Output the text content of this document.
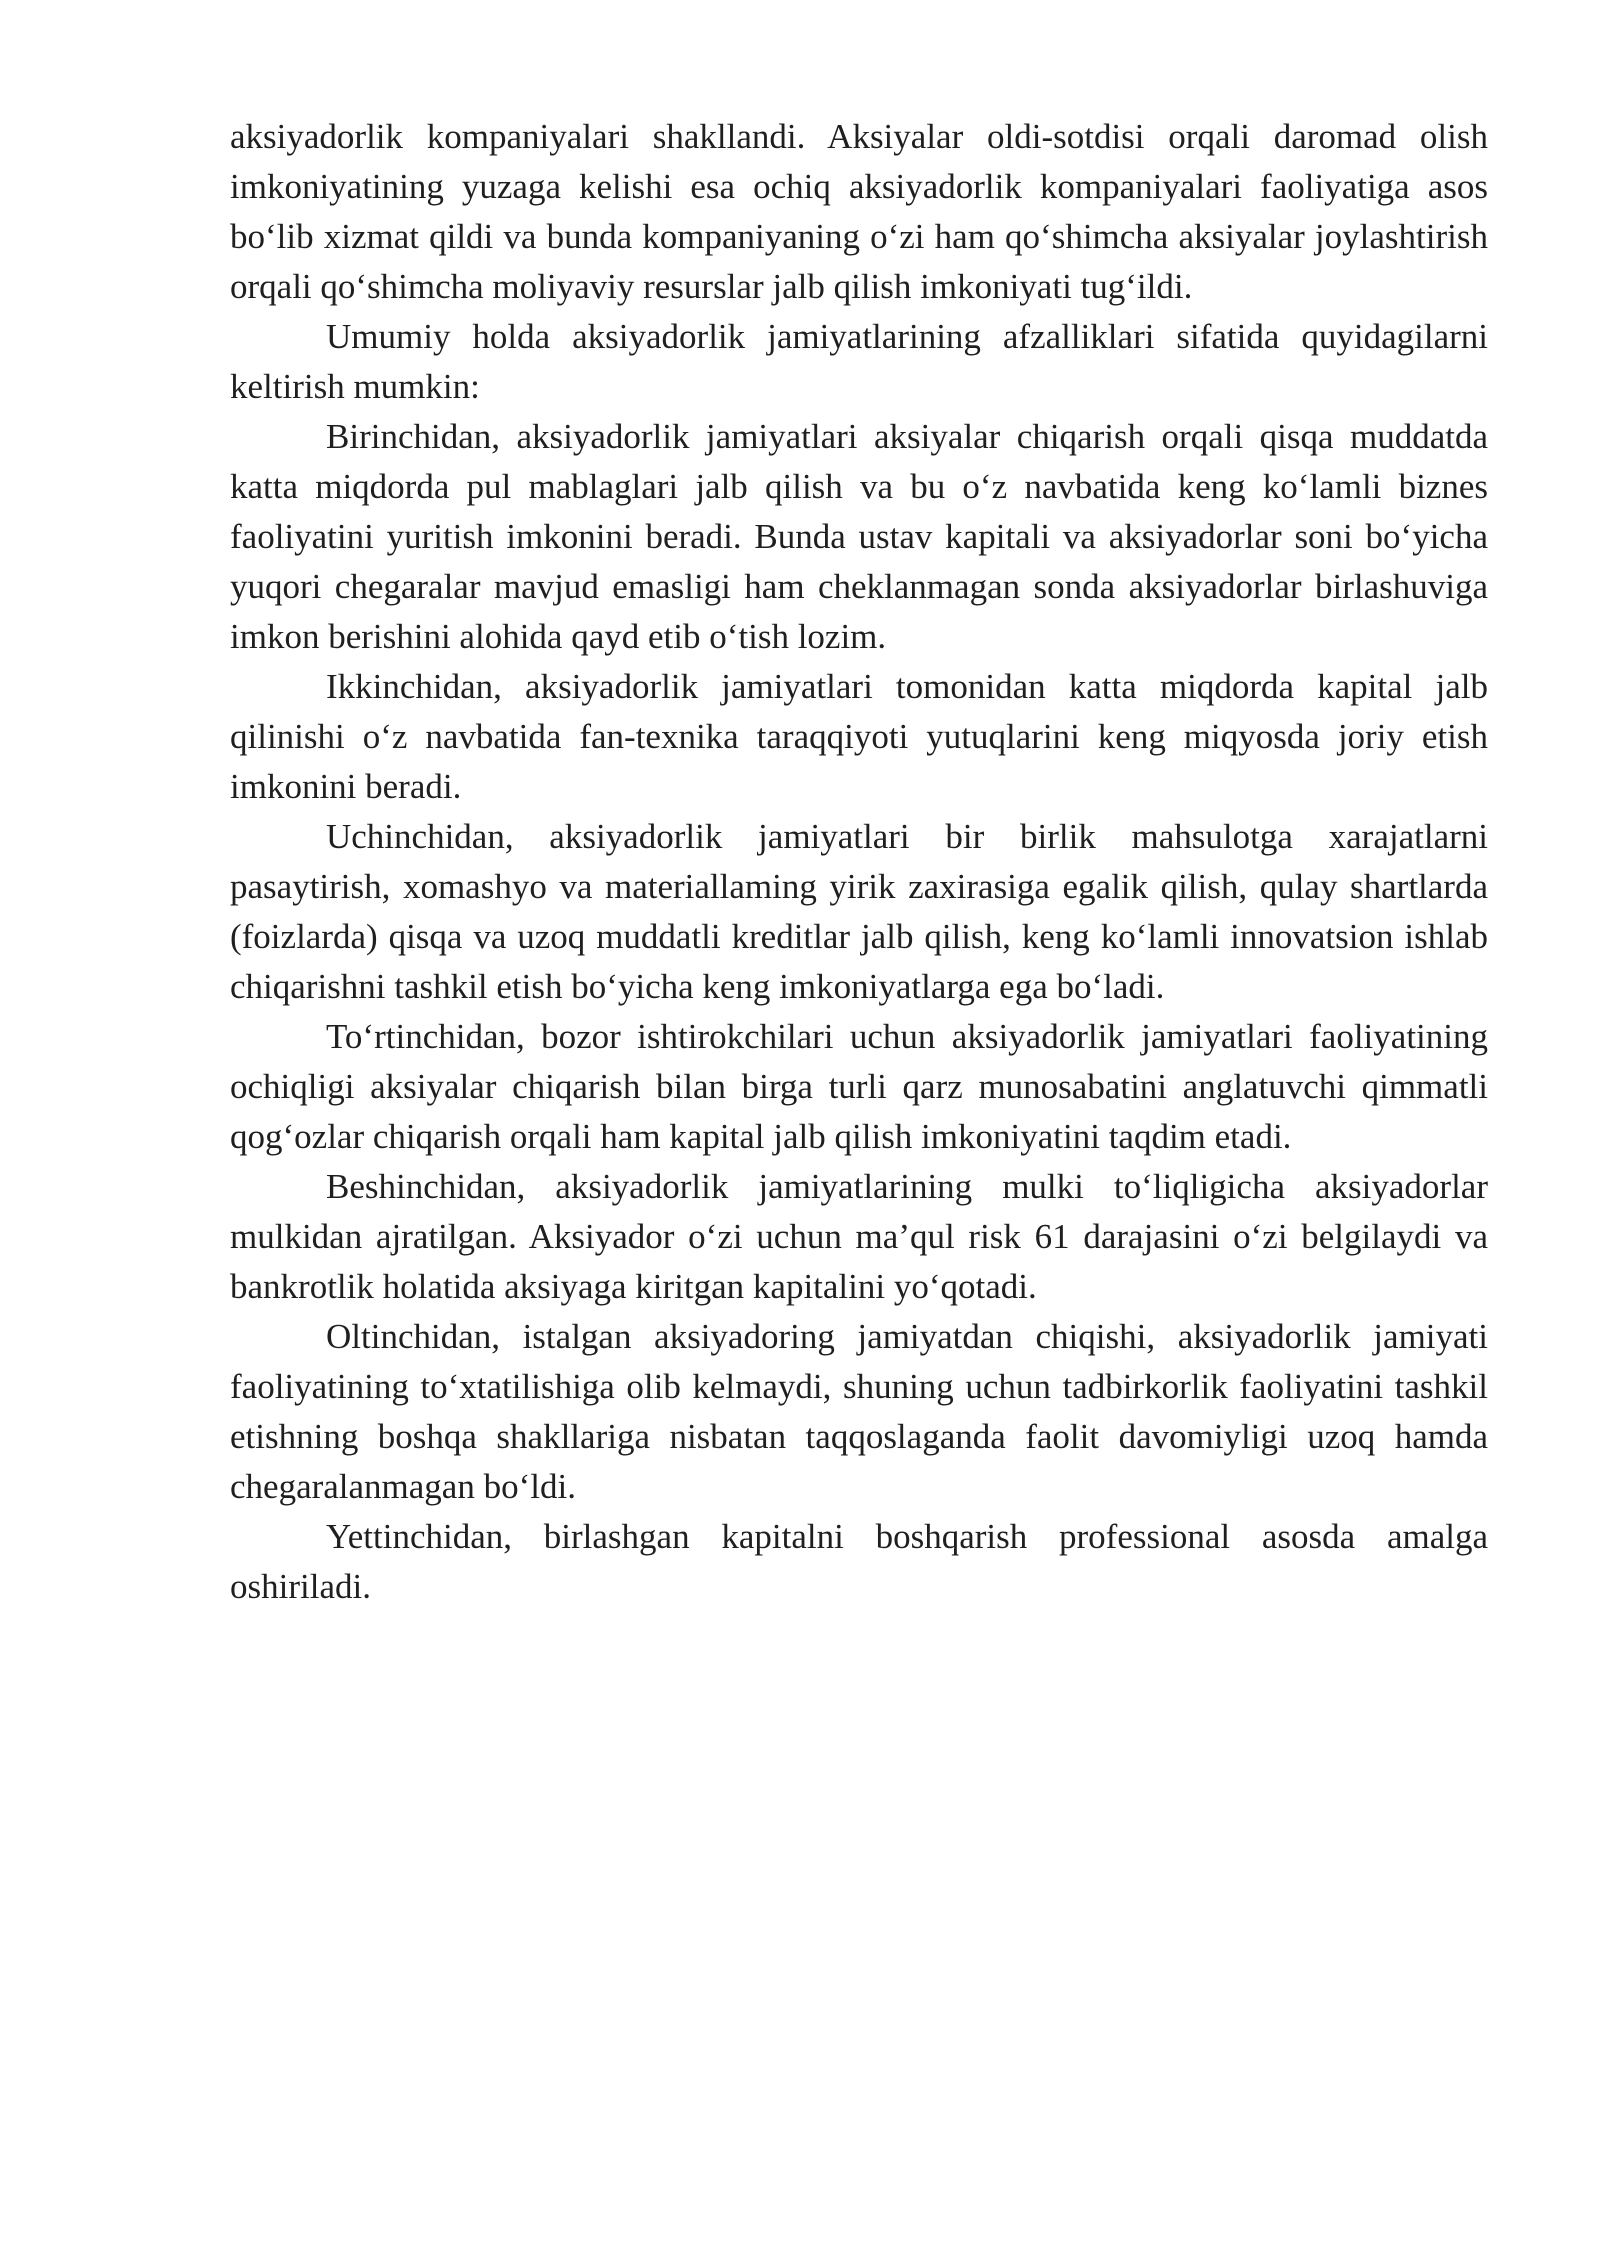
aksiyadorlik kompaniyalari shakllandi. Aksiyalar oldi-sotdisi orqali daromad olish imkoniyatining yuzaga kelishi esa ochiq aksiyadorlik kompaniyalari faoliyatiga asos bo‘lib xizmat qildi va bunda kompaniyaning o‘zi ham qo‘shimcha aksiyalar joylashtirish orqali qo‘shimcha moliyaviy resurslar jalb qilish imkoniyati tug‘ildi.

Umumiy holda aksiyadorlik jamiyatlarining afzalliklari sifatida quyidagilarni keltirish mumkin:

Birinchidan, aksiyadorlik jamiyatlari aksiyalar chiqarish orqali qisqa muddatda katta miqdorda pul mablaglari jalb qilish va bu o‘z navbatida keng ko‘lamli biznes faoliyatini yuritish imkonini beradi. Bunda ustav kapitali va aksiyadorlar soni bo‘yicha yuqori chegaralar mavjud emasligi ham cheklanmagan sonda aksiyadorlar birlashuviga imkon berishini alohida qayd etib o‘tish lozim.

Ikkinchidan, aksiyadorlik jamiyatlari tomonidan katta miqdorda kapital jalb qilinishi o‘z navbatida fan-texnika taraqqiyoti yutuqlarini keng miqyosda joriy etish imkonini beradi.

Uchinchidan, aksiyadorlik jamiyatlari bir birlik mahsulotga xarajatlarni pasaytirish, xomashyo va materiallaming yirik zaxirasiga egalik qilish, qulay shartlarda (foizlarda) qisqa va uzoq muddatli kreditlar jalb qilish, keng ko‘lamli innovatsion ishlab chiqarishni tashkil etish bo‘yicha keng imkoniyatlarga ega bo‘ladi.

To‘rtinchidan, bozor ishtirokchilari uchun aksiyadorlik jamiyatlari faoliyatining ochiqligi aksiyalar chiqarish bilan birga turli qarz munosabatini anglatuvchi qimmatli qog‘ozlar chiqarish orqali ham kapital jalb qilish imkoniyatini taqdim etadi.

Beshinchidan, aksiyadorlik jamiyatlarining mulki to‘liqligicha aksiyadorlar mulkidan ajratilgan. Aksiyador o‘zi uchun ma’qul risk 61 darajasini o‘zi belgilaydi va bankrotlik holatida aksiyaga kiritgan kapitalini yo‘qotadi.

Oltinchidan, istalgan aksiyadoring jamiyatdan chiqishi, aksiyadorlik jamiyati faoliyatining to‘xtatilishiga olib kelmaydi, shuning uchun tadbirkorlik faoliyatini tashkil etishning boshqa shakllariga nisbatan taqqoslaganda faolit davomiyligi uzoq hamda chegaralanmagan bo‘ldi.

Yettinchidan, birlashgan kapitalni boshqarish professional asosda amalga oshiriladi.
